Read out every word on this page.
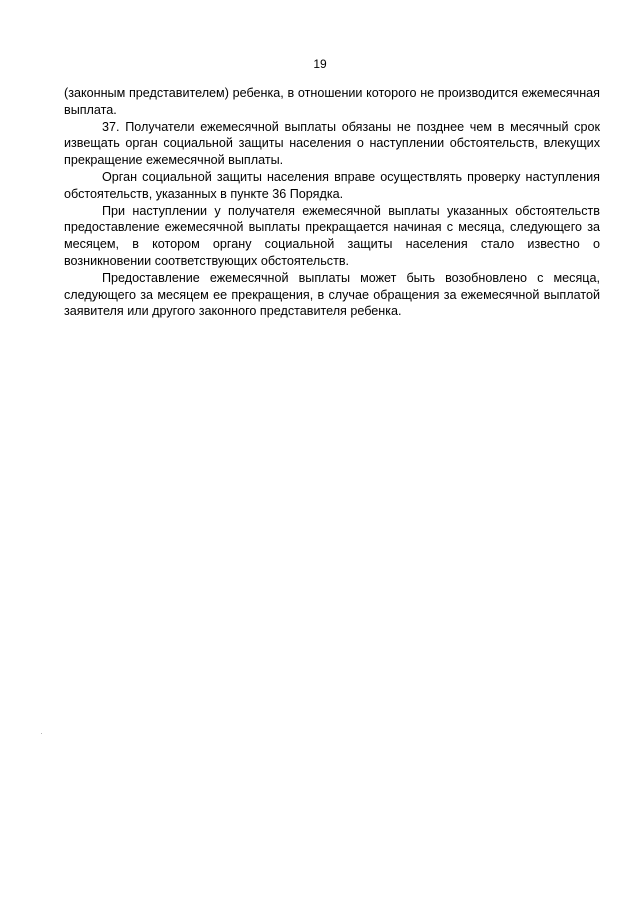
19

(законным представителем) ребенка, в отношении которого не производится ежемесячная выплата.

37. Получатели ежемесячной выплаты обязаны не позднее чем в месячный срок извещать орган социальной защиты населения о наступлении обстоятельств, влекущих прекращение ежемесячной выплаты.

Орган социальной защиты населения вправе осуществлять проверку наступления обстоятельств, указанных в пункте 36 Порядка.

При наступлении у получателя ежемесячной выплаты указанных обстоятельств предоставление ежемесячной выплаты прекращается начиная с месяца, следующего за месяцем, в котором органу социальной защиты населения стало известно о возникновении соответствующих обстоятельств.

Предоставление ежемесячной выплаты может быть возобновлено с месяца, следующего за месяцем ее прекращения, в случае обращения за ежемесячной выплатой заявителя или другого законного представителя ребенка.
